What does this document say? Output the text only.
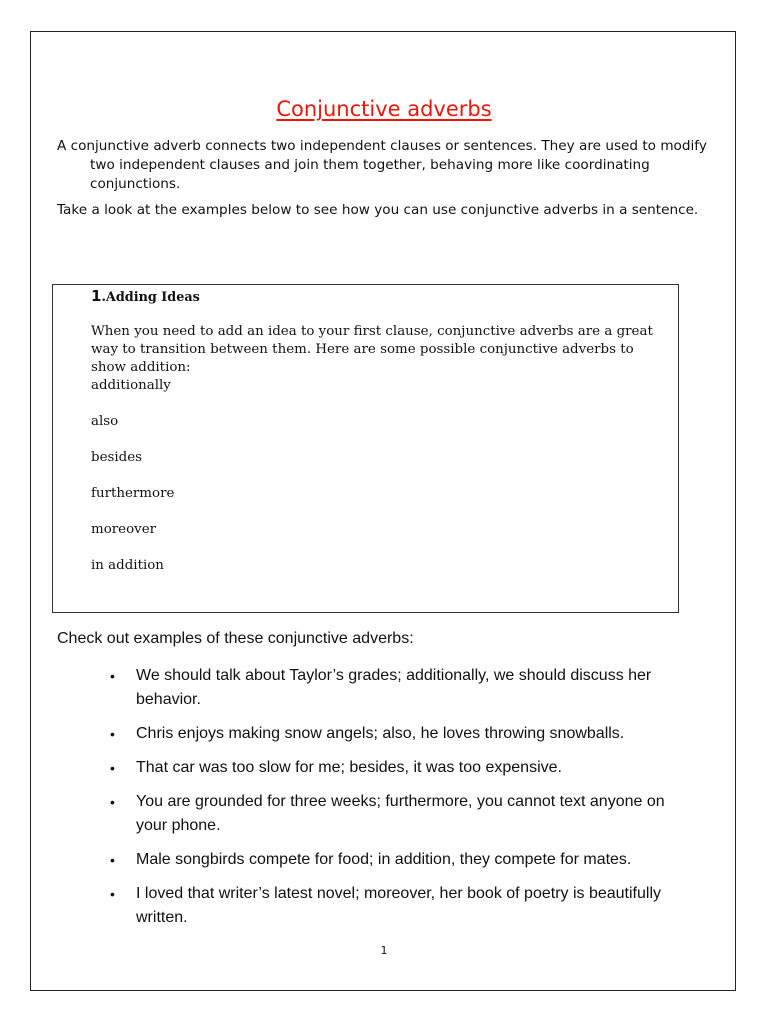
Conjunctive adverbs

A conjunctive adverb connects two independent clauses or sentences. They are used to modify two independent clauses and join them together, behaving more like coordinating conjunctions.

Take a look at the examples below to see how you can use conjunctive adverbs in a sentence.

1.Adding Ideas

When you need to add an idea to your first clause, conjunctive adverbs are a great way to transition between them. Here are some possible conjunctive adverbs to show addition:

additionally
also
besides
furthermore
moreover
in addition

Check out examples of these conjunctive adverbs:

• We should talk about Taylor’s grades; additionally, we should discuss her behavior.
• Chris enjoys making snow angels; also, he loves throwing snowballs.
• That car was too slow for me; besides, it was too expensive.
• You are grounded for three weeks; furthermore, you cannot text anyone on your phone.
• Male songbirds compete for food; in addition, they compete for mates.
• I loved that writer’s latest novel; moreover, her book of poetry is beautifully written.

1
